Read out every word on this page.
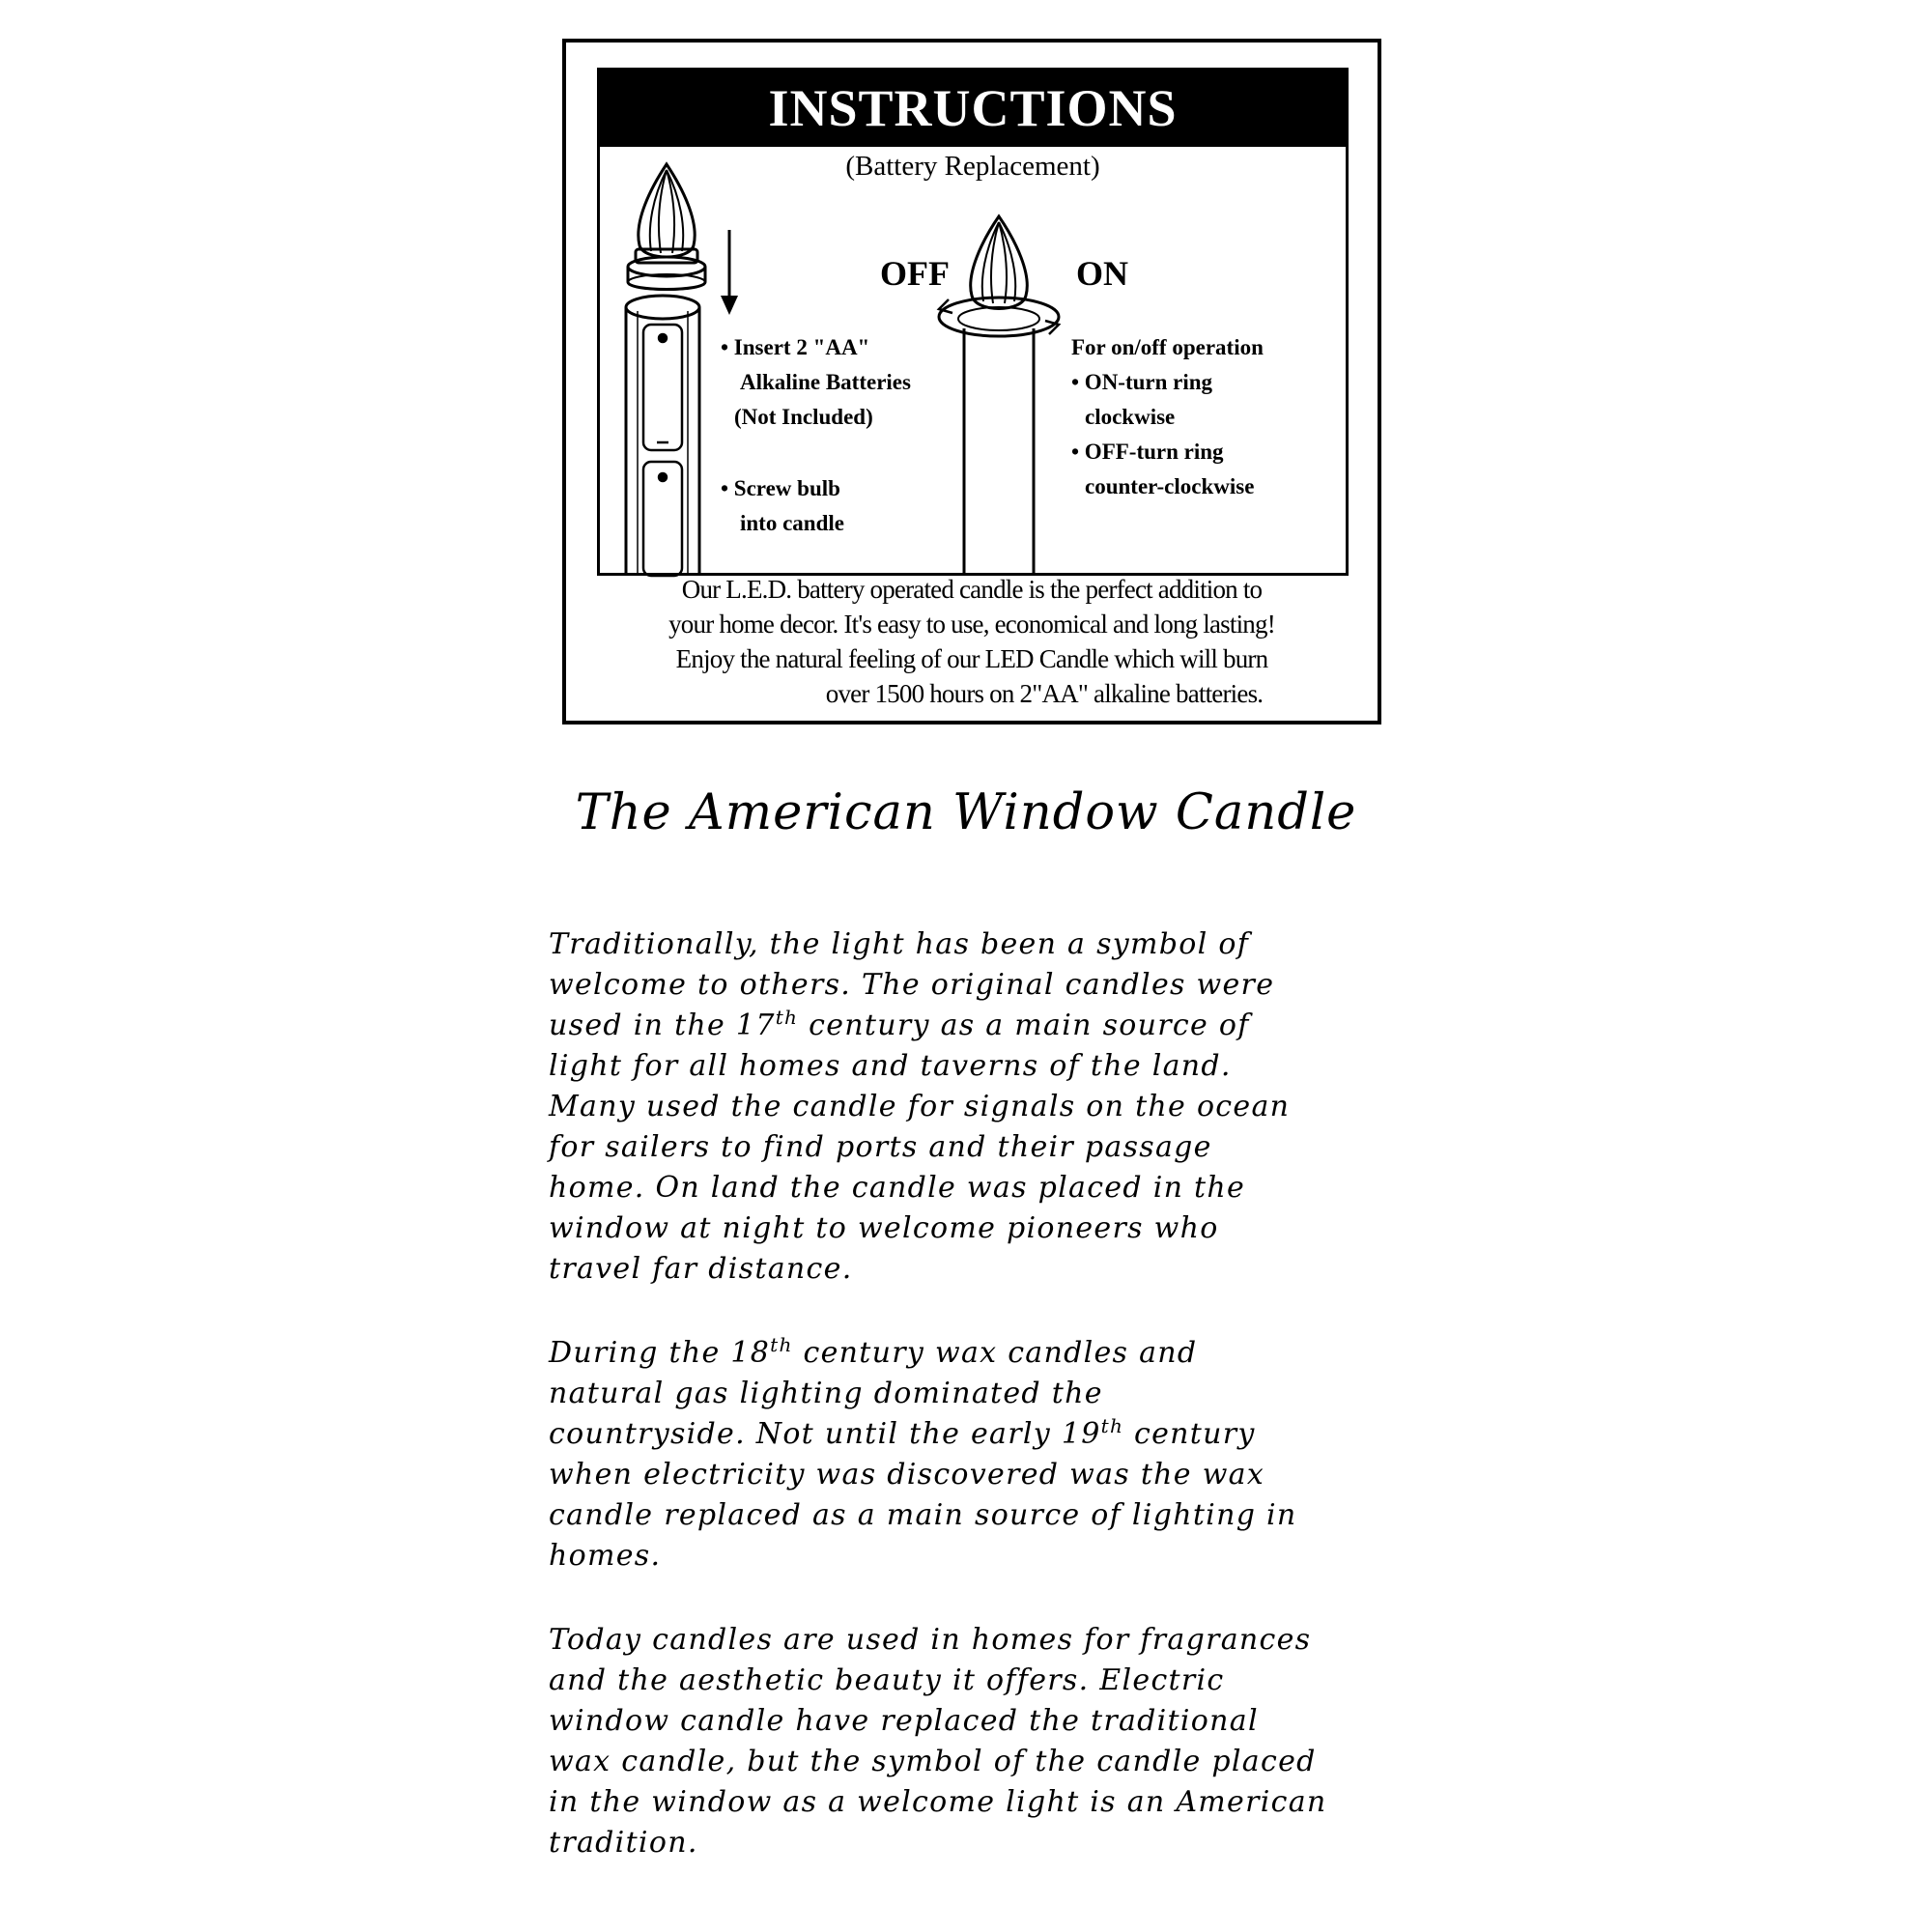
INSTRUCTIONS
(Battery Replacement)
OFF	ON
• Insert 2 "AA"
Alkaline Batteries
(Not Included)
• Screw bulb
into candle
For on/off operation
• ON-turn ring
clockwise
• OFF-turn ring
counter-clockwise
Our L.E.D. battery operated candle is the perfect addition to
your home decor. It's easy to use, economical and long lasting!
Enjoy the natural feeling of our LED Candle which will burn
over 1500 hours on 2"AA" alkaline batteries.
The American Window Candle
Traditionally, the light has been a symbol of
welcome to others. The original candles were
used in the 17th century as a main source of
light for all homes and taverns of the land.
Many used the candle for signals on the ocean
for sailers to find ports and their passage
home. On land the candle was placed in the
window at night to welcome pioneers who
travel far distance.
During the 18th century wax candles and
natural gas lighting dominated the
countryside. Not until the early 19th century
when electricity was discovered was the wax
candle replaced as a main source of lighting in
homes.
Today candles are used in homes for fragrances
and the aesthetic beauty it offers. Electric
window candle have replaced the traditional
wax candle, but the symbol of the candle placed
in the window as a welcome light is an American
tradition.
